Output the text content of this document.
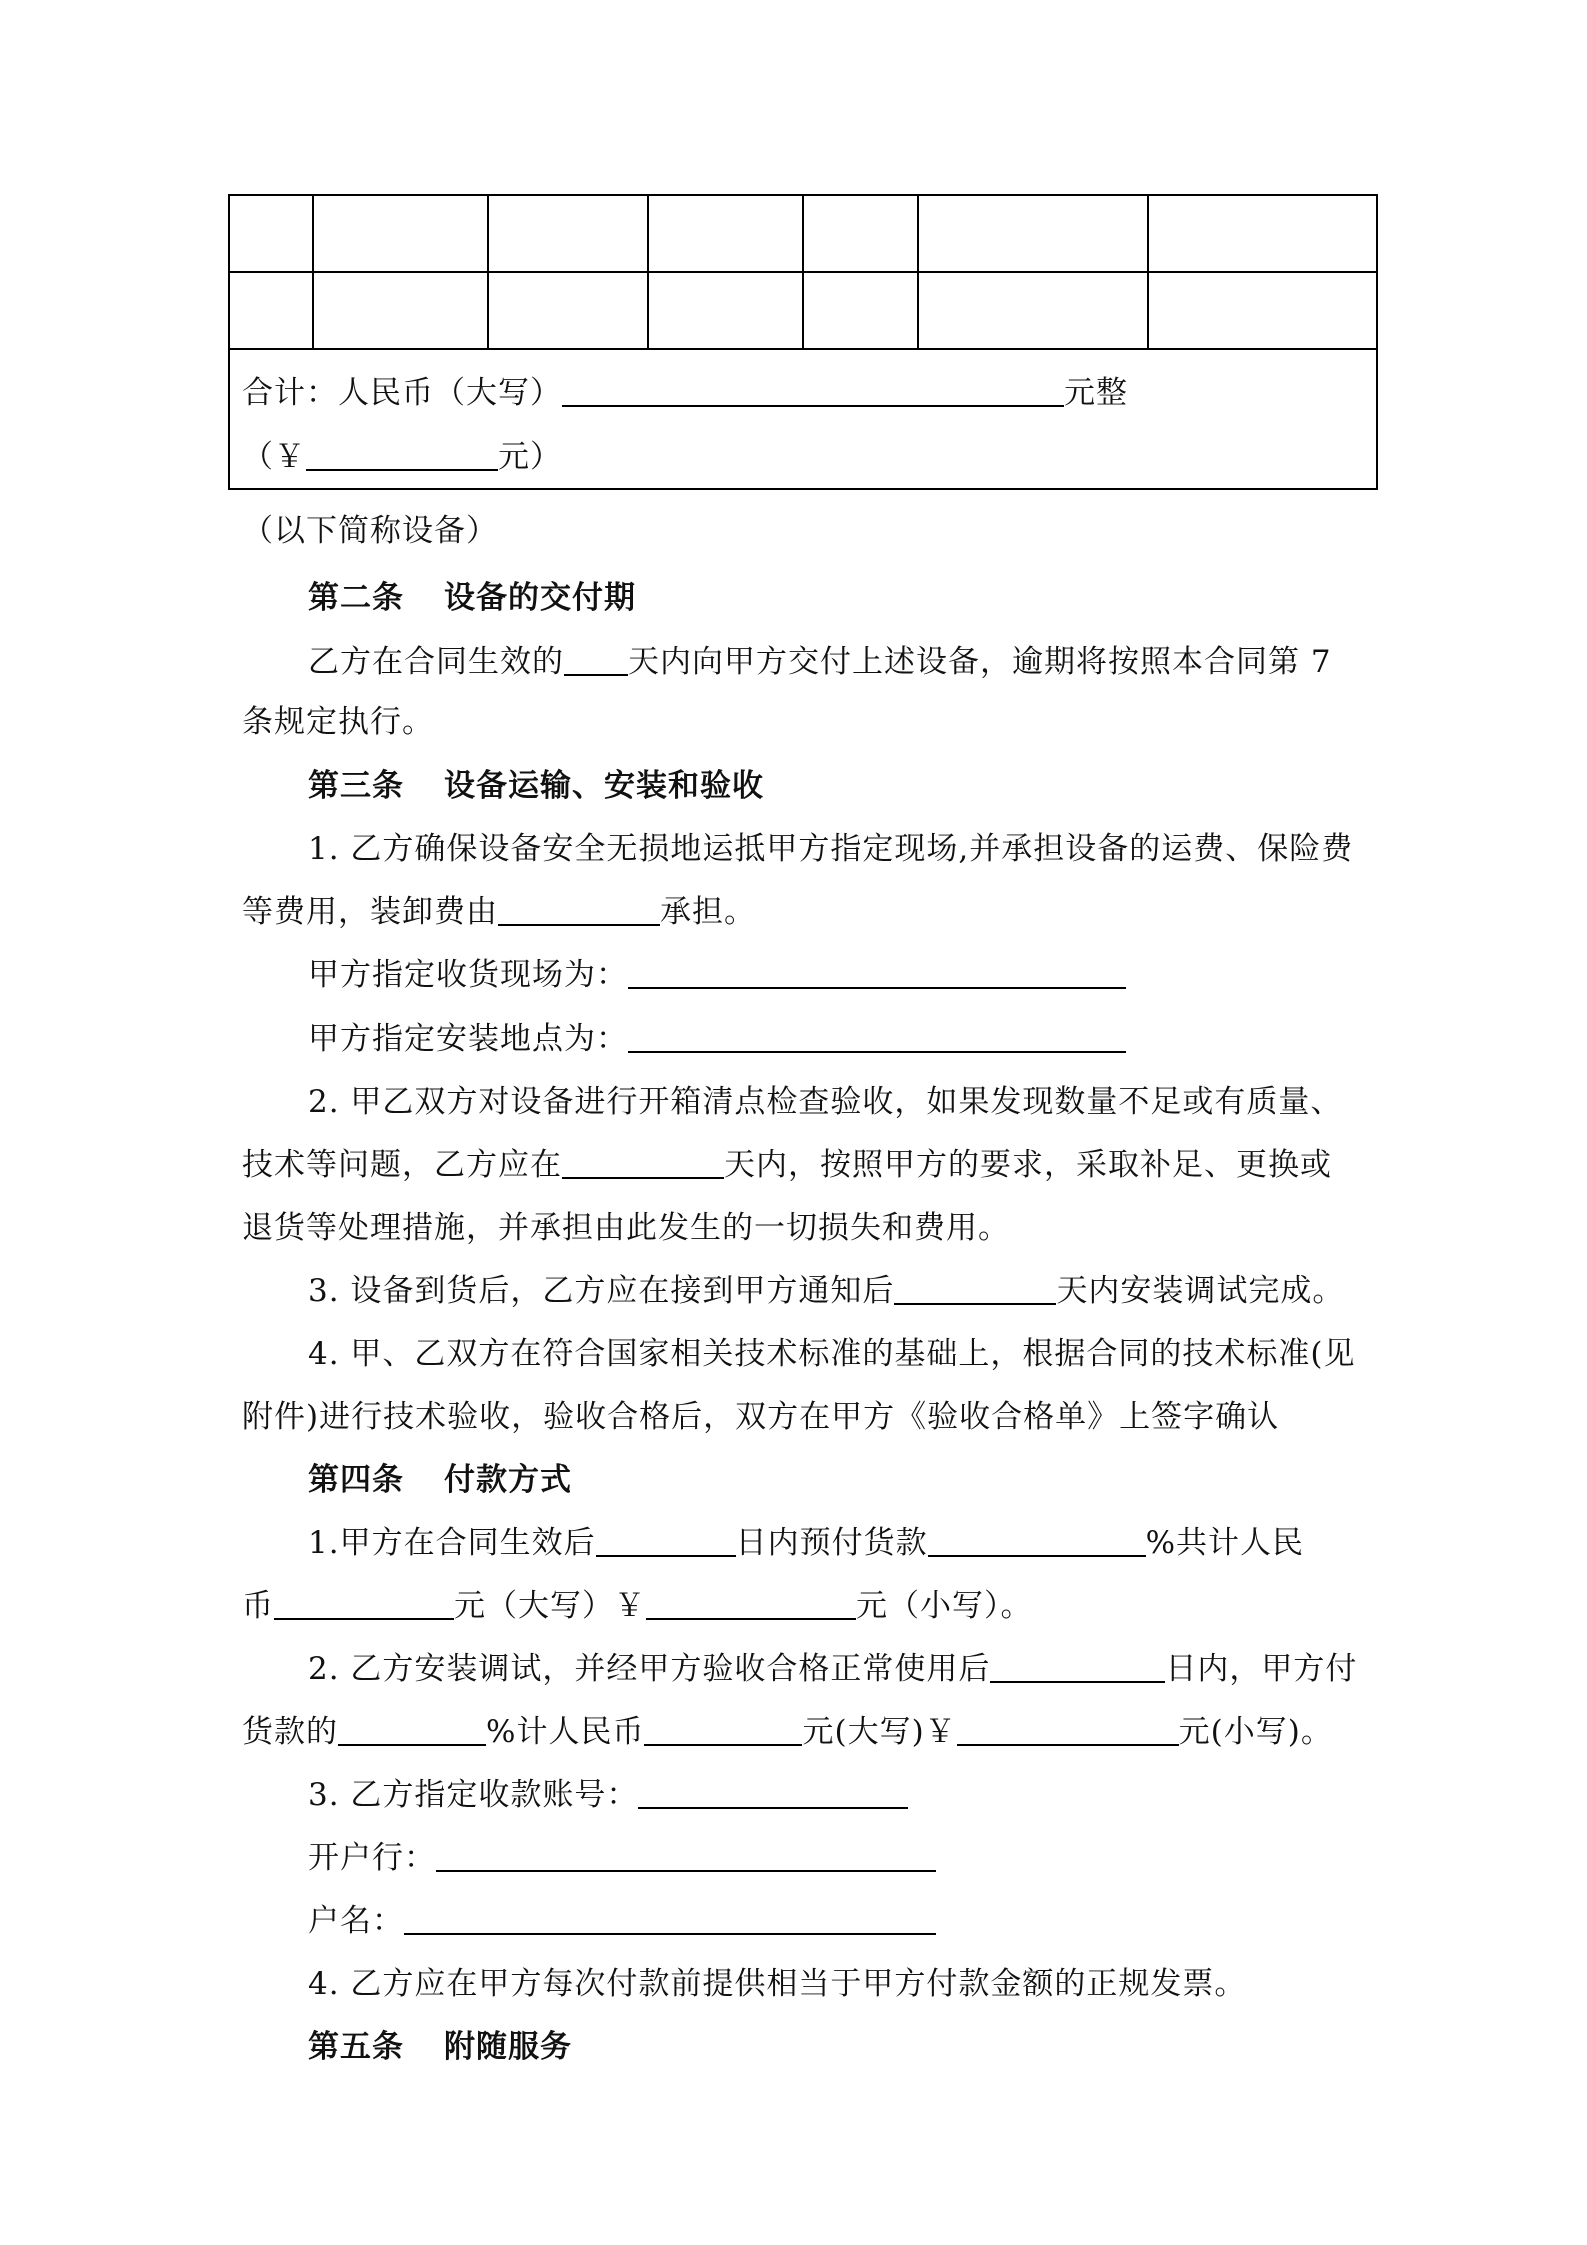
合计：人民币（大写）	元整
（￥	元）
（以下简称设备）
第二条 设备的交付期
乙方在合同生效的 天内向甲方交付上述设备，逾期将按照本合同第 7
条规定执行。
第三条 设备运输、安装和验收
1. 乙方确保设备安全无损地运抵甲方指定现场,并承担设备的运费、保险费
等费用，装卸费由	承担。
甲方指定收货现场为：
甲方指定安装地点为：
2. 甲乙双方对设备进行开箱清点检查验收，如果发现数量不足或有质量、
技术等问题，乙方应在	天内，按照甲方的要求，采取补足、更换或
退货等处理措施，并承担由此发生的一切损失和费用。
3. 设备到货后，乙方应在接到甲方通知后	天内安装调试完成。
4. 甲、乙双方在符合国家相关技术标准的基础上，根据合同的技术标准(见
附件)进行技术验收，验收合格后，双方在甲方《验收合格单》上签字确认
第四条 付款方式
1.甲方在合同生效后	日内预付货款	%共计人民
币	元（大写）￥	元（小写）。
2. 乙方安装调试，并经甲方验收合格正常使用后	日内，甲方付
货款的	%计人民币	元(大写)￥	元(小写)。
3. 乙方指定收款账号：
开户行：
户名：
4. 乙方应在甲方每次付款前提供相当于甲方付款金额的正规发票。
第五条 附随服务
